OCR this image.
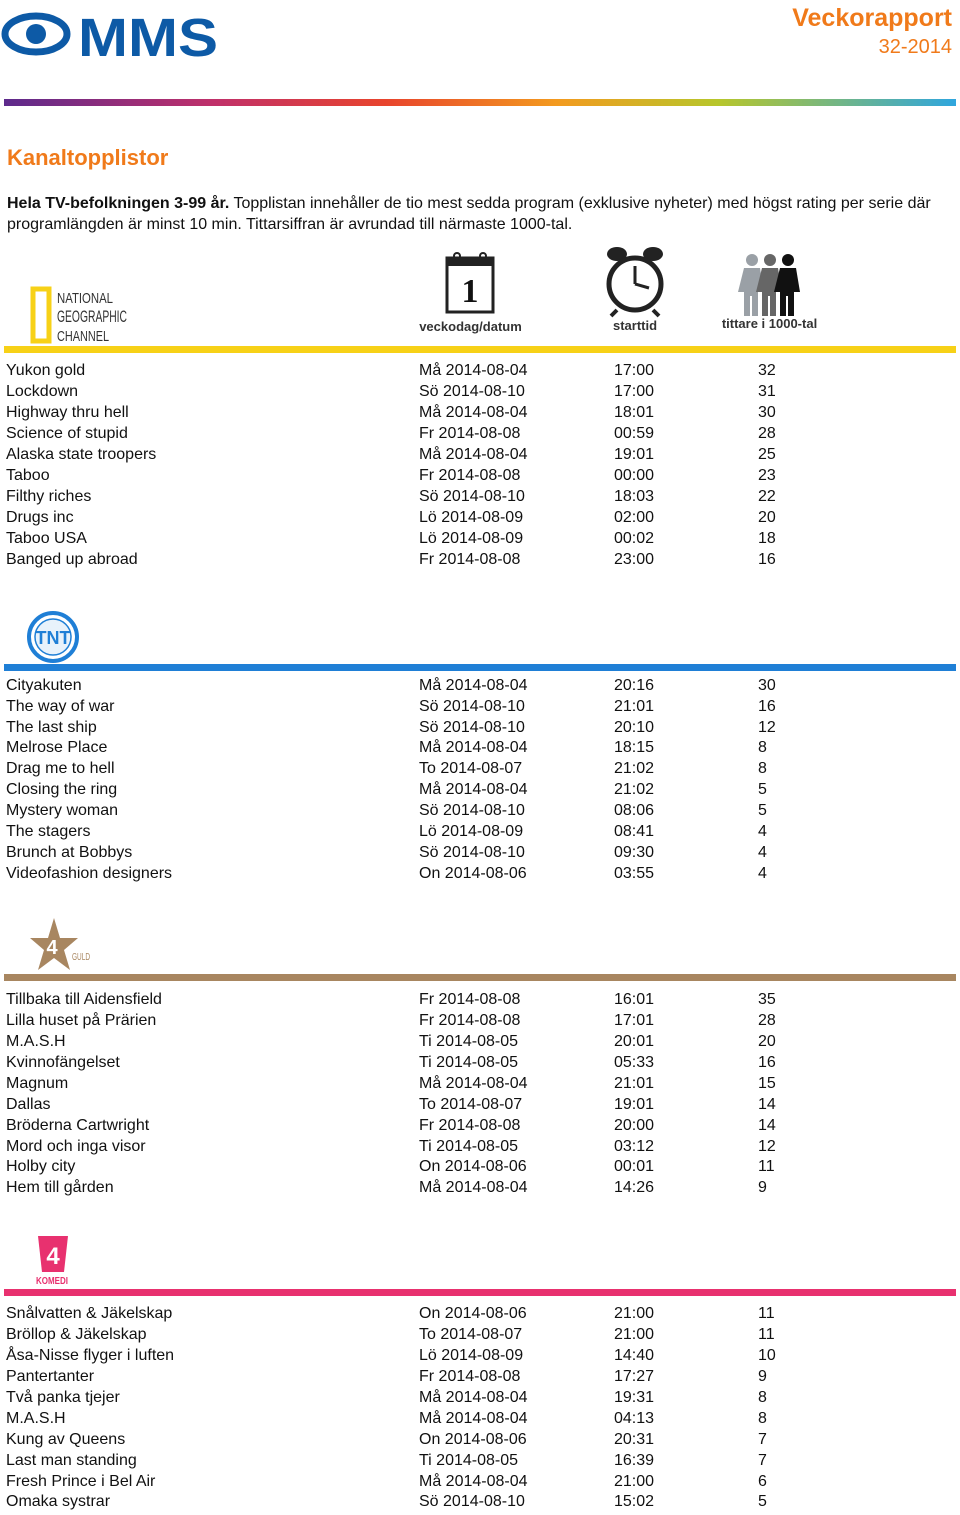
MMS	Veckorapport
32-2014
Kanaltopplistor
Hela TV-befolkningen 3-99 år. Topplistan innehåller de tio mest sedda program (exklusive nyheter) med högst rating per serie där programlängden är minst 10 min. Tittarsiffran är avrundad till närmaste 1000-tal.
1
veckodag/datum	starttid	tittare i 1000-tal
NATIONAL
GEOGRAPHIC
CHANNEL
Yukon gold	Må 2014-08-04	17:00	32
Lockdown	Sö 2014-08-10	17:00	31
Highway thru hell	Må 2014-08-04	18:01	30
Science of stupid	Fr 2014-08-08	00:59	28
Alaska state troopers	Må 2014-08-04	19:01	25
Taboo	Fr 2014-08-08	00:00	23
Filthy riches	Sö 2014-08-10	18:03	22
Drugs inc	Lö 2014-08-09	02:00	20
Taboo USA	Lö 2014-08-09	00:02	18
Banged up abroad	Fr 2014-08-08	23:00	16
TNT
Cityakuten	Må 2014-08-04	20:16	30
The way of war	Sö 2014-08-10	21:01	16
The last ship	Sö 2014-08-10	20:10	12
Melrose Place	Må 2014-08-04	18:15	8
Drag me to hell	To 2014-08-07	21:02	8
Closing the ring	Må 2014-08-04	21:02	5
Mystery woman	Sö 2014-08-10	08:06	5
The stagers	Lö 2014-08-09	08:41	4
Brunch at Bobbys	Sö 2014-08-10	09:30	4
Videofashion designers	On 2014-08-06	03:55	4
4 GULD
Tillbaka till Aidensfield	Fr 2014-08-08	16:01	35
Lilla huset på Prärien	Fr 2014-08-08	17:01	28
M.A.S.H	Ti 2014-08-05	20:01	20
Kvinnofängelset	Ti 2014-08-05	05:33	16
Magnum	Må 2014-08-04	21:01	15
Dallas	To 2014-08-07	19:01	14
Bröderna Cartwright	Fr 2014-08-08	20:00	14
Mord och inga visor	Ti 2014-08-05	03:12	12
Holby city	On 2014-08-06	00:01	11
Hem till gården	Må 2014-08-04	14:26	9
4
KOMEDI
Snålvatten & Jäkelskap	On 2014-08-06	21:00	11
Bröllop & Jäkelskap	To 2014-08-07	21:00	11
Åsa-Nisse flyger i luften	Lö 2014-08-09	14:40	10
Pantertanter	Fr 2014-08-08	17:27	9
Två panka tjejer	Må 2014-08-04	19:31	8
M.A.S.H	Må 2014-08-04	04:13	8
Kung av Queens	On 2014-08-06	20:31	7
Last man standing	Ti 2014-08-05	16:39	7
Fresh Prince i Bel Air	Må 2014-08-04	21:00	6
Omaka systrar	Sö 2014-08-10	15:02	5
